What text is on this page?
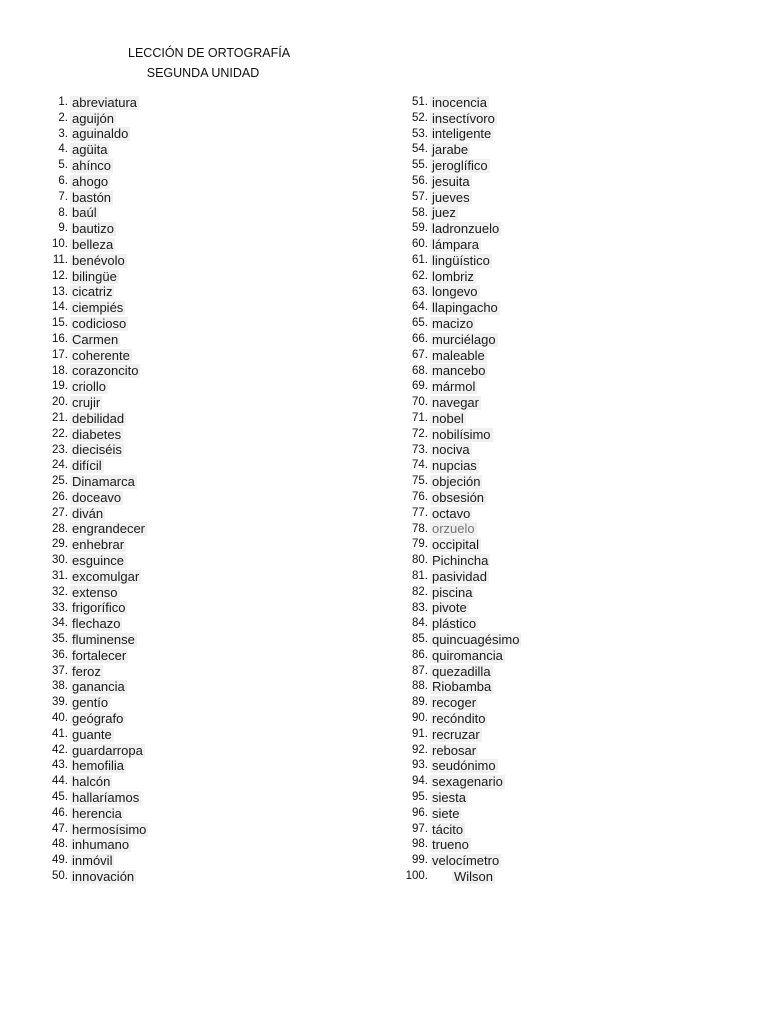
LECCIÓN DE ORTOGRAFÍA
SEGUNDA UNIDAD
1. abreviatura
2. aguijón
3. aguinaldo
4. agüita
5. ahínco
6. ahogo
7. bastón
8. baúl
9. bautizo
10. belleza
11. benévolo
12. bilingüe
13. cicatriz
14. ciempiés
15. codicioso
16. Carmen
17. coherente
18. corazoncito
19. criollo
20. crujir
21. debilidad
22. diabetes
23. dieciséis
24. difícil
25. Dinamarca
26. doceavo
27. diván
28. engrandecer
29. enhebrar
30. esguince
31. excomulgar
32. extenso
33. frigorífico
34. flechazo
35. fluminense
36. fortalecer
37. feroz
38. ganancia
39. gentío
40. geógrafo
41. guante
42. guardarropa
43. hemofilia
44. halcón
45. hallaríamos
46. herencia
47. hermosísimo
48. inhumano
49. inmóvil
50. innovación
51. inocencia
52. insectívoro
53. inteligente
54. jarabe
55. jeroglífico
56. jesuita
57. jueves
58. juez
59. ladronzuelo
60. lámpara
61. lingüístico
62. lombriz
63. longevo
64. llapingacho
65. macizo
66. murciélago
67. maleable
68. mancebo
69. mármol
70. navegar
71. nobel
72. nobilísimo
73. nociva
74. nupcias
75. objeción
76. obsesión
77. octavo
78. orzuelo
79. occipital
80. Pichincha
81. pasividad
82. piscina
83. pivote
84. plástico
85. quincuagésimo
86. quiromancia
87. quezadilla
88. Riobamba
89. recoger
90. recóndito
91. recruzar
92. rebosar
93. seudónimo
94. sexagenario
95. siesta
96. siete
97. tácito
98. trueno
99. velocímetro
100. Wilson
